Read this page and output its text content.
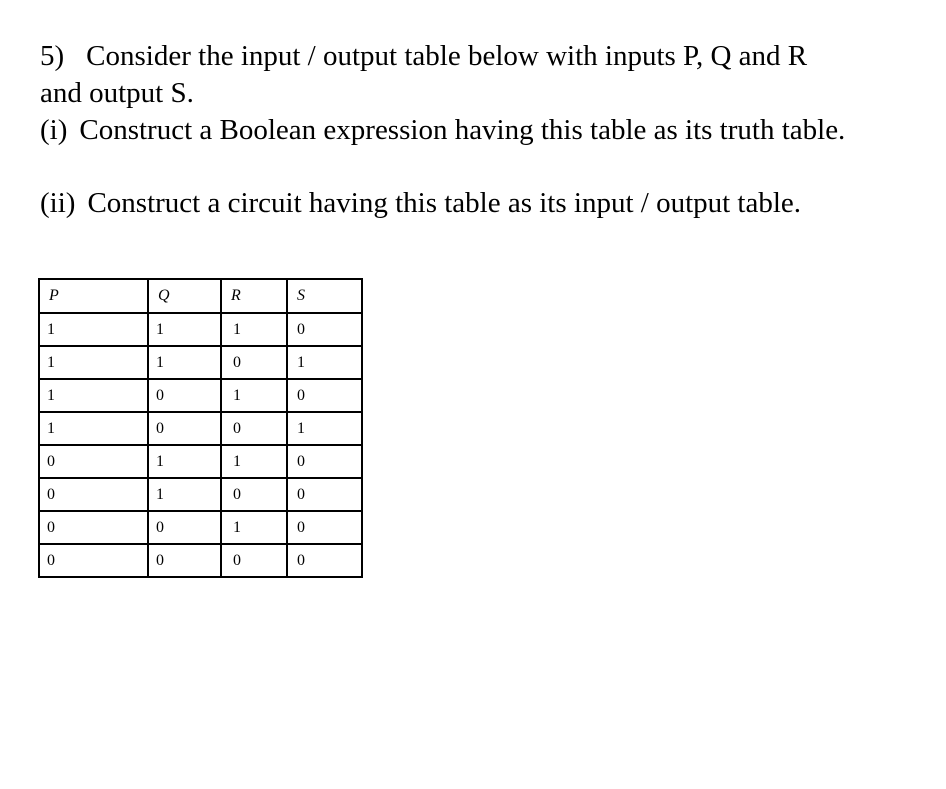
5) Consider the input / output table below with inputs P, Q and R
and output S.
(i) Construct a Boolean expression having this table as its truth table.
(ii) Construct a circuit having this table as its input / output table.
P	Q	R	S
1	1	1	0
1	1	0	1
1	0	1	0
1	0	0	1
0	1	1	0
0	1	0	0
0	0	1	0
0	0	0	0
